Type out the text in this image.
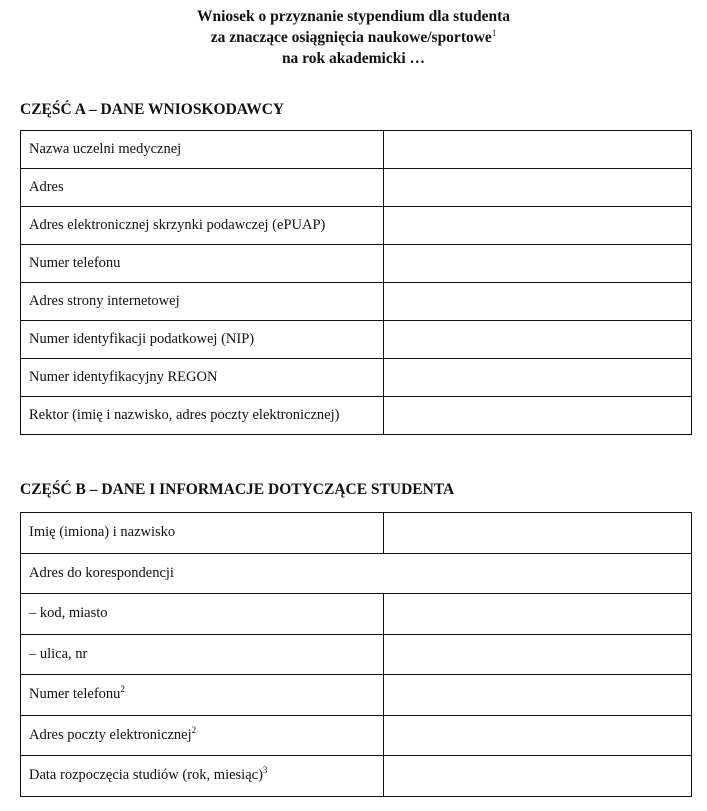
Wniosek o przyznanie stypendium dla studenta
za znaczące osiągnięcia naukowe/sportowe$^1$
na rok akademicki …
CZĘŚĆ A – DANE WNIOSKODAWCY
Nazwa uczelni medycznej	
Adres	
Adres elektronicznej skrzynki podawczej (ePUAP)	
Numer telefonu	
Adres strony internetowej	
Numer identyfikacji podatkowej (NIP)	
Numer identyfikacyjny REGON	
Rektor (imię i nazwisko, adres poczty elektronicznej)	
CZĘŚĆ B – DANE I INFORMACJE DOTYCZĄCE STUDENTA
Imię (imiona) i nazwisko	
Adres do korespondencji	
– kod, miasto	
– ulica, nr	
Numer telefonu$^2$	
Adres poczty elektronicznej$^2$	
Data rozpoczęcia studiów (rok, miesiąc)$^3$	
